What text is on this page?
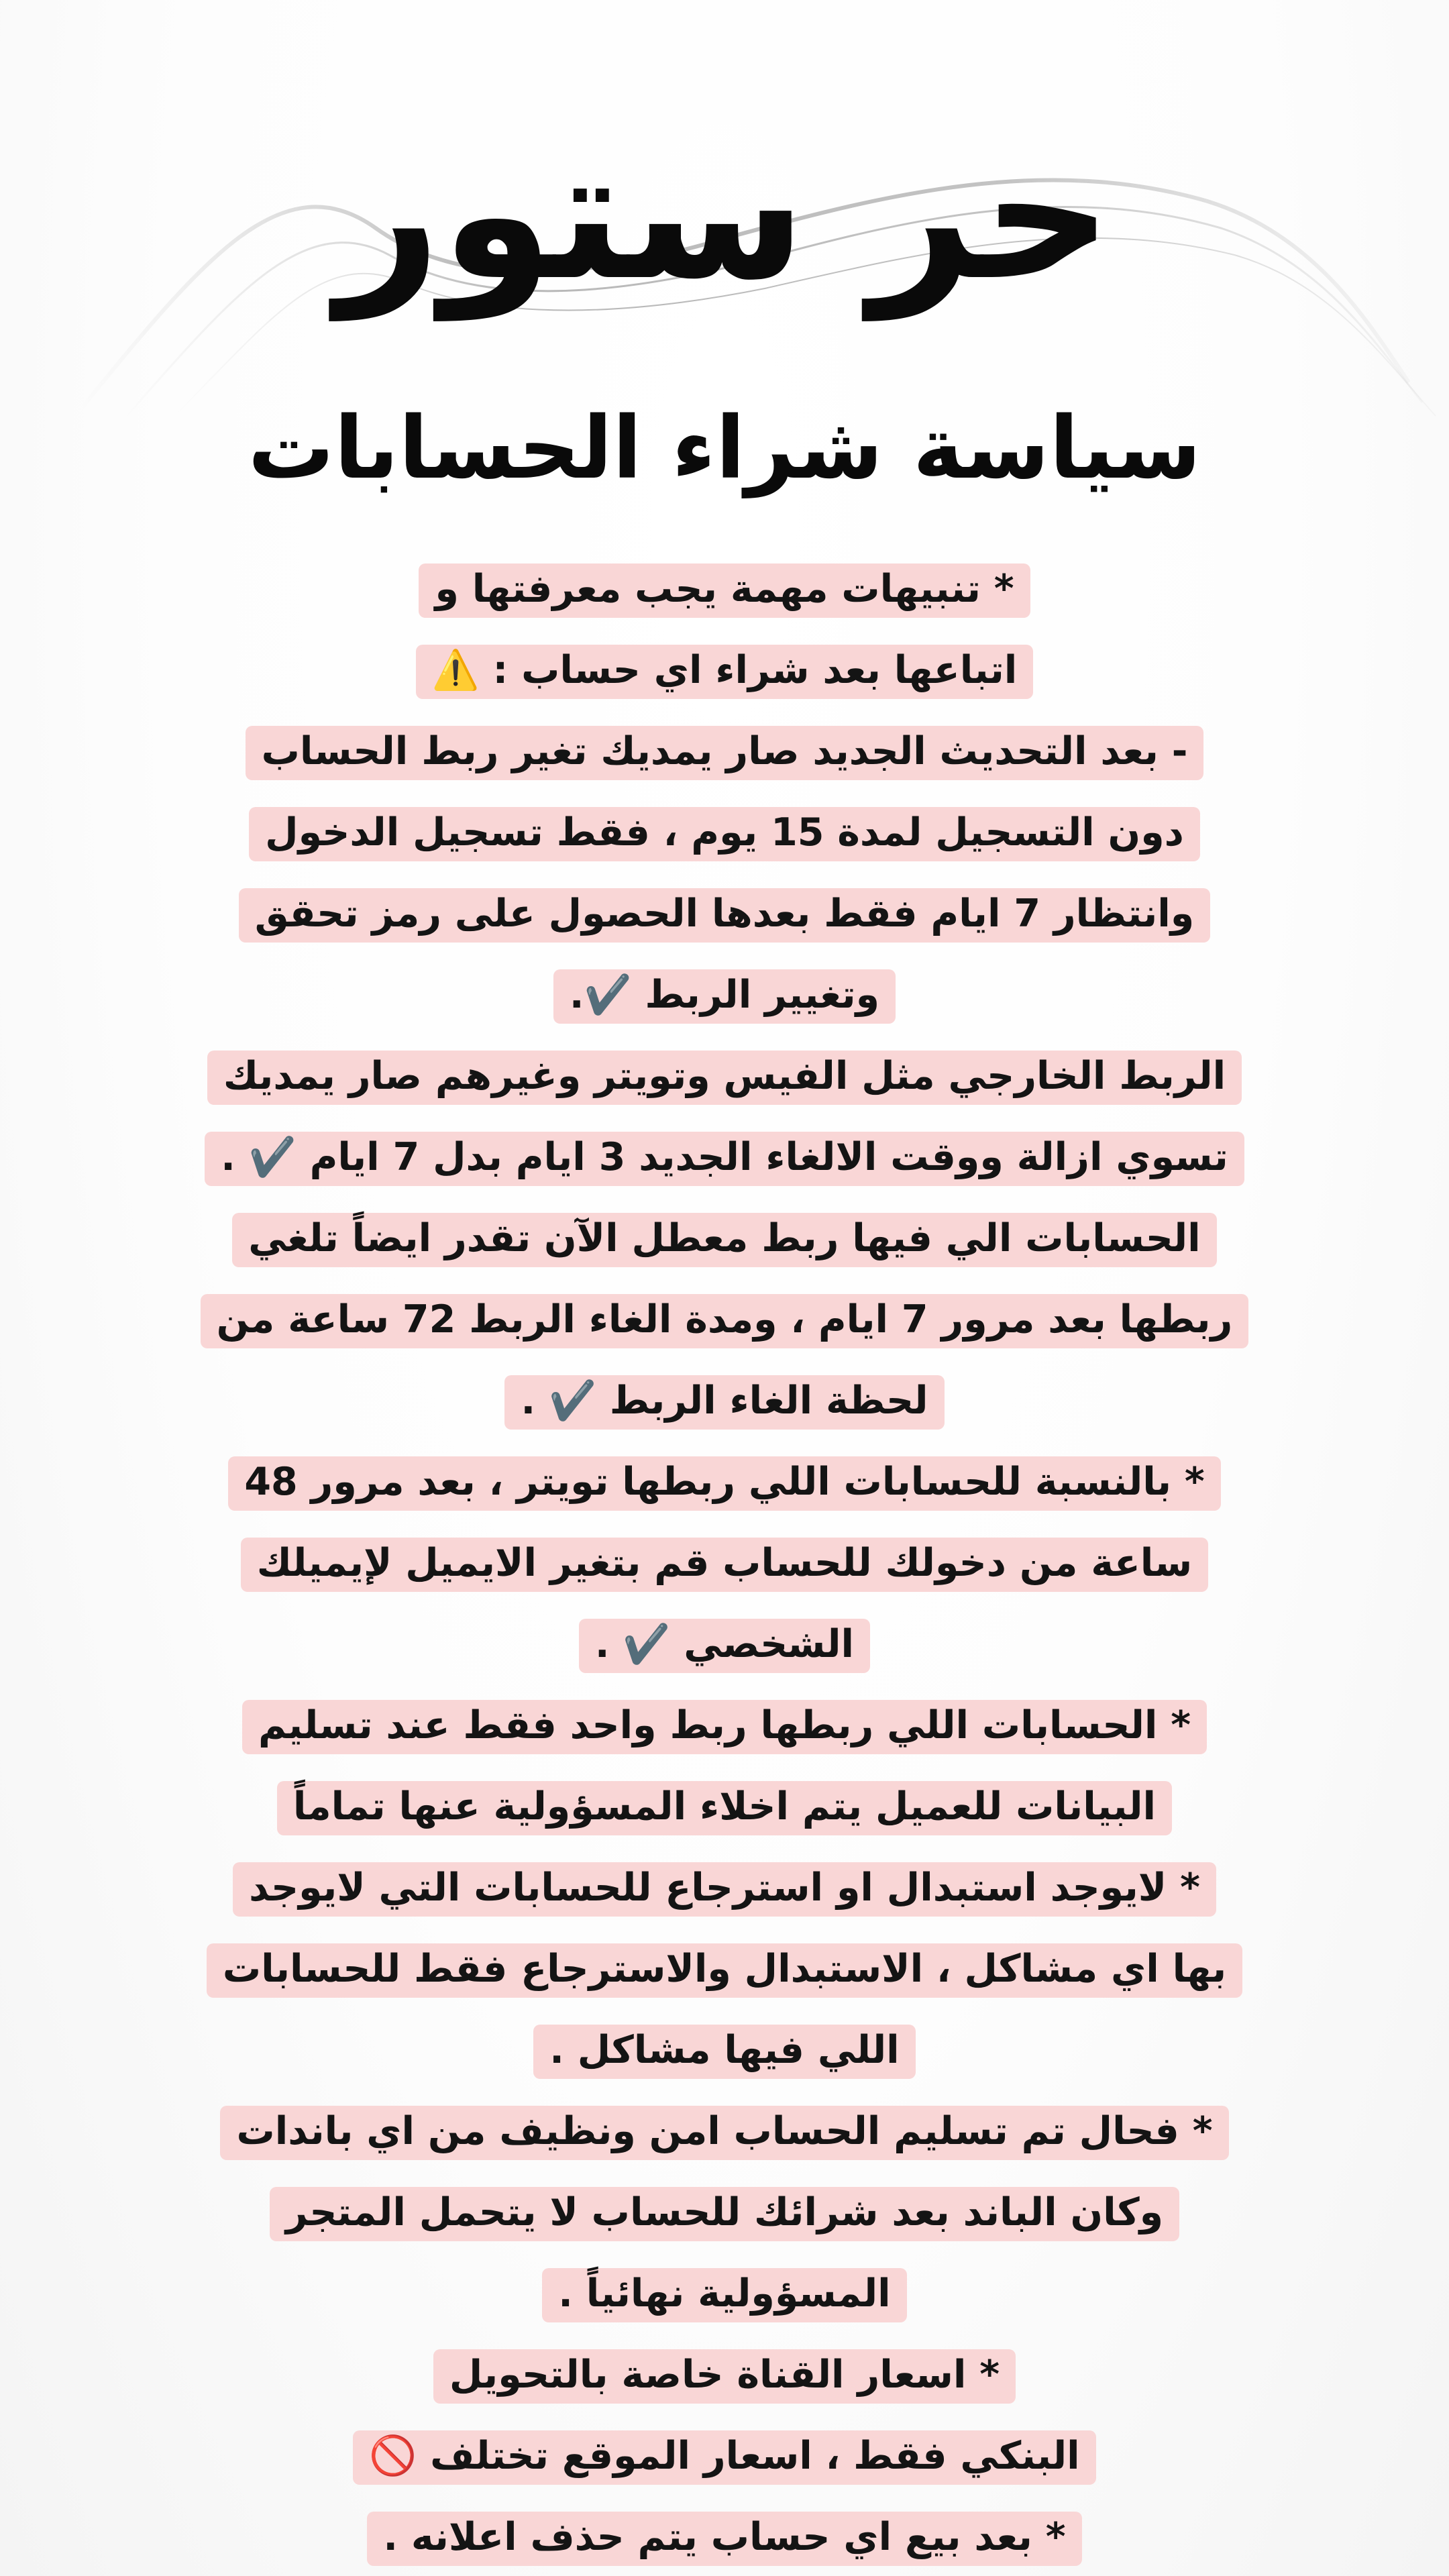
حر ستور
سياسة شراء الحسابات
* تنبيهات مهمة يجب معرفتها و
اتباعها بعد شراء اي حساب : ⚠️
- بعد التحديث الجديد صار يمديك تغير ربط الحساب
دون التسجيل لمدة 15 يوم ، فقط تسجيل الدخول
وانتظار 7 ايام فقط بعدها الحصول على رمز تحقق
وتغيير الربط ✔️.
الربط الخارجي مثل الفيس وتويتر وغيرهم صار يمديك
تسوي ازالة ووقت الالغاء الجديد 3 ايام بدل 7 ايام ✔️ .
الحسابات الي فيها ربط معطل الآن تقدر ايضاً تلغي
ربطها بعد مرور 7 ايام ، ومدة الغاء الربط 72 ساعة من
لحظة الغاء الربط ✔️ .
* بالنسبة للحسابات اللي ربطها تويتر ، بعد مرور 48
ساعة من دخولك للحساب قم بتغير الايميل لإيميلك
الشخصي ✔️ .
* الحسابات اللي ربطها ربط واحد فقط عند تسليم
البيانات للعميل يتم اخلاء المسؤولية عنها تماماً
* لايوجد استبدال او استرجاع للحسابات التي لايوجد
بها اي مشاكل ، الاستبدال والاسترجاع فقط للحسابات
اللي فيها مشاكل .
* فحال تم تسليم الحساب امن ونظيف من اي باندات
وكان الباند بعد شرائك للحساب لا يتحمل المتجر
المسؤولية نهائياً .
* اسعار القناة خاصة بالتحويل
البنكي فقط ، اسعار الموقع تختلف 🚫
* بعد بيع اي حساب يتم حذف اعلانه .
